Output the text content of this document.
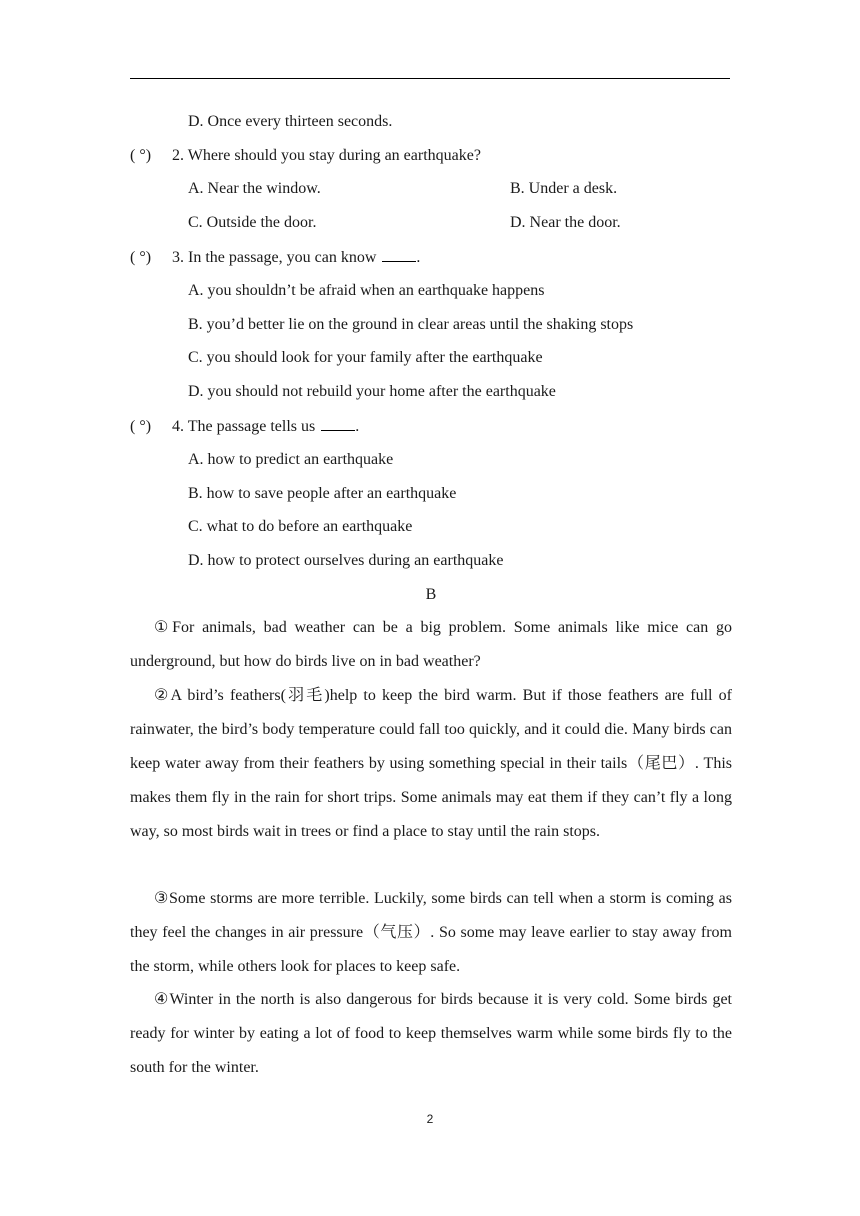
D. Once every thirteen seconds.
( °) 2. Where should you stay during an earthquake?
A. Near the window.	B. Under a desk.
C. Outside the door.	D. Near the door.
( °) 3. In the passage, you can know	.
A. you shouldn’t be afraid when an earthquake happens
B. you’d better lie on the ground in clear areas until the shaking stops
C. you should look for your family after the earthquake
D. you should not rebuild your home after the earthquake
( °) 4. The passage tells us	.
A. how to predict an earthquake
B. how to save people after an earthquake
C. what to do before an earthquake
D. how to protect ourselves during an earthquake
B
①For animals, bad weather can be a big problem. Some animals like mice can go underground, but how do birds live on in bad weather?
②A bird’s feathers(羽毛)help to keep the bird warm. But if those feathers are full of rainwater, the bird’s body temperature could fall too quickly, and it could die. Many birds can keep water away from their feathers by using something special in their tails（尾巴）. This makes them fly in the rain for short trips. Some animals may eat them if they can’t fly a long way, so most birds wait in trees or find a place to stay until the rain stops.
③Some storms are more terrible. Luckily, some birds can tell when a storm is coming as they feel the changes in air pressure（气压）. So some may leave earlier to stay away from the storm, while others look for places to keep safe.
④Winter in the north is also dangerous for birds because it is very cold. Some birds get ready for winter by eating a lot of food to keep themselves warm while some birds fly to the south for the winter.
2
